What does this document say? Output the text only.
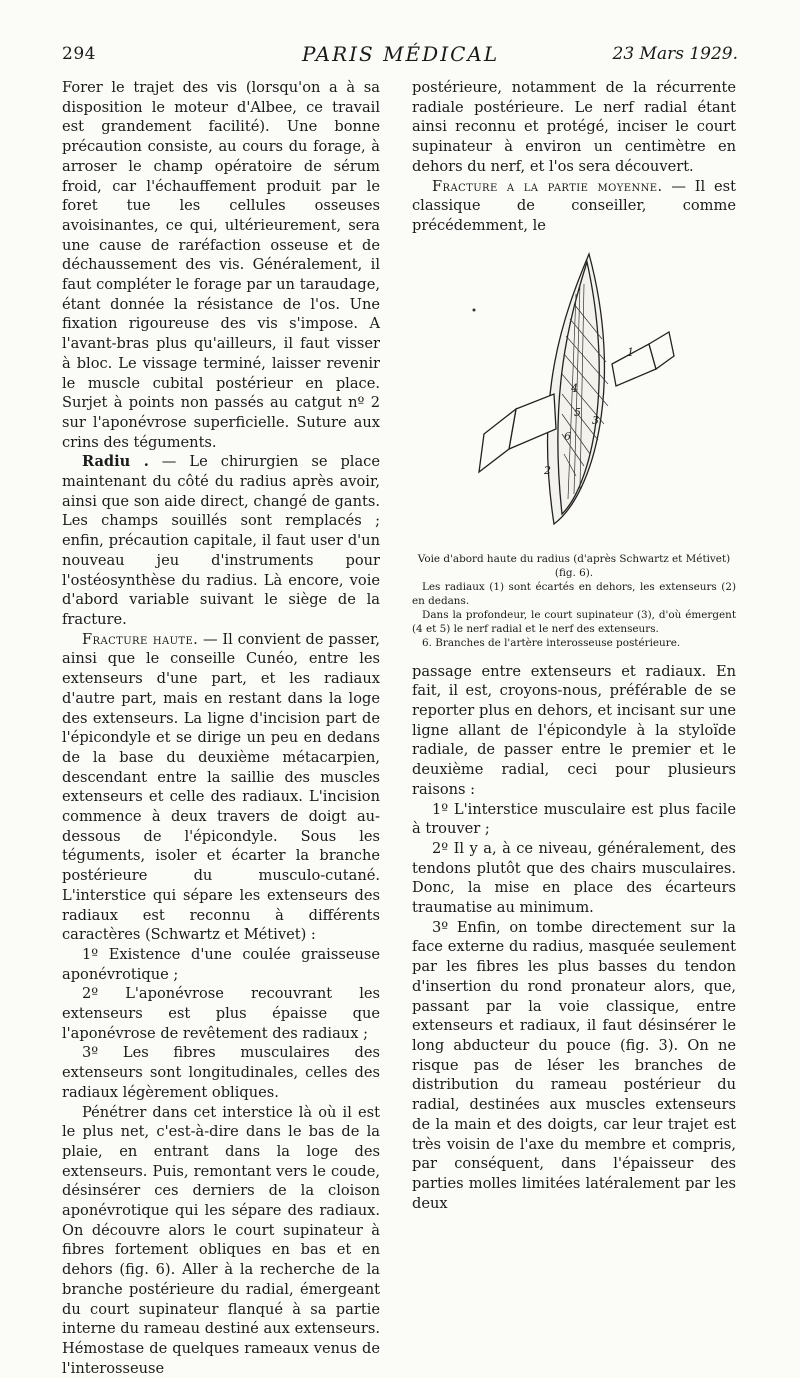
294	PARIS MÉDICAL	23 Mars 1929.

Forer le trajet des vis (lorsqu'on a à sa disposition le moteur d'Albee, ce travail est grandement facilité). Une bonne précaution consiste, au cours du forage, à arroser le champ opératoire de sérum froid, car l'échauffement produit par le foret tue les cellules osseuses avoisinantes, ce qui, ultérieurement, sera une cause de raréfaction osseuse et de déchaussement des vis. Généralement, il faut compléter le forage par un taraudage, étant donnée la résistance de l'os. Une fixation rigoureuse des vis s'impose. A l'avant-bras plus qu'ailleurs, il faut visser à bloc. Le vissage terminé, laisser revenir le muscle cubital postérieur en place. Surjet à points non passés au catgut nº 2 sur l'aponévrose superficielle. Suture aux crins des téguments.

Radiu . — Le chirurgien se place maintenant du côté du radius après avoir, ainsi que son aide direct, changé de gants. Les champs souillés sont remplacés ; enfin, précaution capitale, il faut user d'un nouveau jeu d'instruments pour l'ostéosynthèse du radius. Là encore, voie d'abord variable suivant le siège de la fracture.

Fracture haute. — Il convient de passer, ainsi que le conseille Cunéo, entre les extenseurs d'une part, et les radiaux d'autre part, mais en restant dans la loge des extenseurs. La ligne d'incision part de l'épicondyle et se dirige un peu en dedans de la base du deuxième métacarpien, descendant entre la saillie des muscles extenseurs et celle des radiaux. L'incision commence à deux travers de doigt au-dessous de l'épicondyle. Sous les téguments, isoler et écarter la branche postérieure du musculo-cutané. L'interstice qui sépare les extenseurs des radiaux est reconnu à différents caractères (Schwartz et Métivet) :

1º Existence d'une coulée graisseuse aponévrotique ;

2º L'aponévrose recouvrant les extenseurs est plus épaisse que l'aponévrose de revêtement des radiaux ;

3º Les fibres musculaires des extenseurs sont longitudinales, celles des radiaux légèrement obliques.

Pénétrer dans cet interstice là où il est le plus net, c'est-à-dire dans le bas de la plaie, en entrant dans la loge des extenseurs. Puis, remontant vers le coude, désinsérer ces derniers de la cloison aponévrotique qui les sépare des radiaux. On découvre alors le court supinateur à fibres fortement obliques en bas et en dehors (fig. 6). Aller à la recherche de la branche postérieure du radial, émergeant du court supinateur flanqué à sa partie interne du rameau destiné aux extenseurs. Hémostase de quelques rameaux venus de l'interosseuse

postérieure, notamment de la récurrente radiale postérieure. Le nerf radial étant ainsi reconnu et protégé, inciser le court supinateur à environ un centimètre en dehors du nerf, et l'os sera découvert.

Fracture a la partie moyenne. — Il est classique de conseiller, comme précédemment, le

1
2
3
4
5
6

Voie d'abord haute du radius (d'après Schwartz et Métivet) (fig. 6).

Les radiaux (1) sont écartés en dehors, les extenseurs (2) en dedans.

Dans la profondeur, le court supinateur (3), d'où émergent (4 et 5) le nerf radial et le nerf des extenseurs.

6. Branches de l'artère interosseuse postérieure.

passage entre extenseurs et radiaux. En fait, il est, croyons-nous, préférable de se reporter plus en dehors, et incisant sur une ligne allant de l'épicondyle à la styloïde radiale, de passer entre le premier et le deuxième radial, ceci pour plusieurs raisons :

1º L'interstice musculaire est plus facile à trouver ;

2º Il y a, à ce niveau, généralement, des tendons plutôt que des chairs musculaires. Donc, la mise en place des écarteurs traumatise au minimum.

3º Enfin, on tombe directement sur la face externe du radius, masquée seulement par les fibres les plus basses du tendon d'insertion du rond pronateur alors, que, passant par la voie classique, entre extenseurs et radiaux, il faut désinsérer le long abducteur du pouce (fig. 3). On ne risque pas de léser les branches de distribution du rameau postérieur du radial, destinées aux muscles extenseurs de la main et des doigts, car leur trajet est très voisin de l'axe du membre et compris, par conséquent, dans l'épaisseur des parties molles limitées latéralement par les deux
